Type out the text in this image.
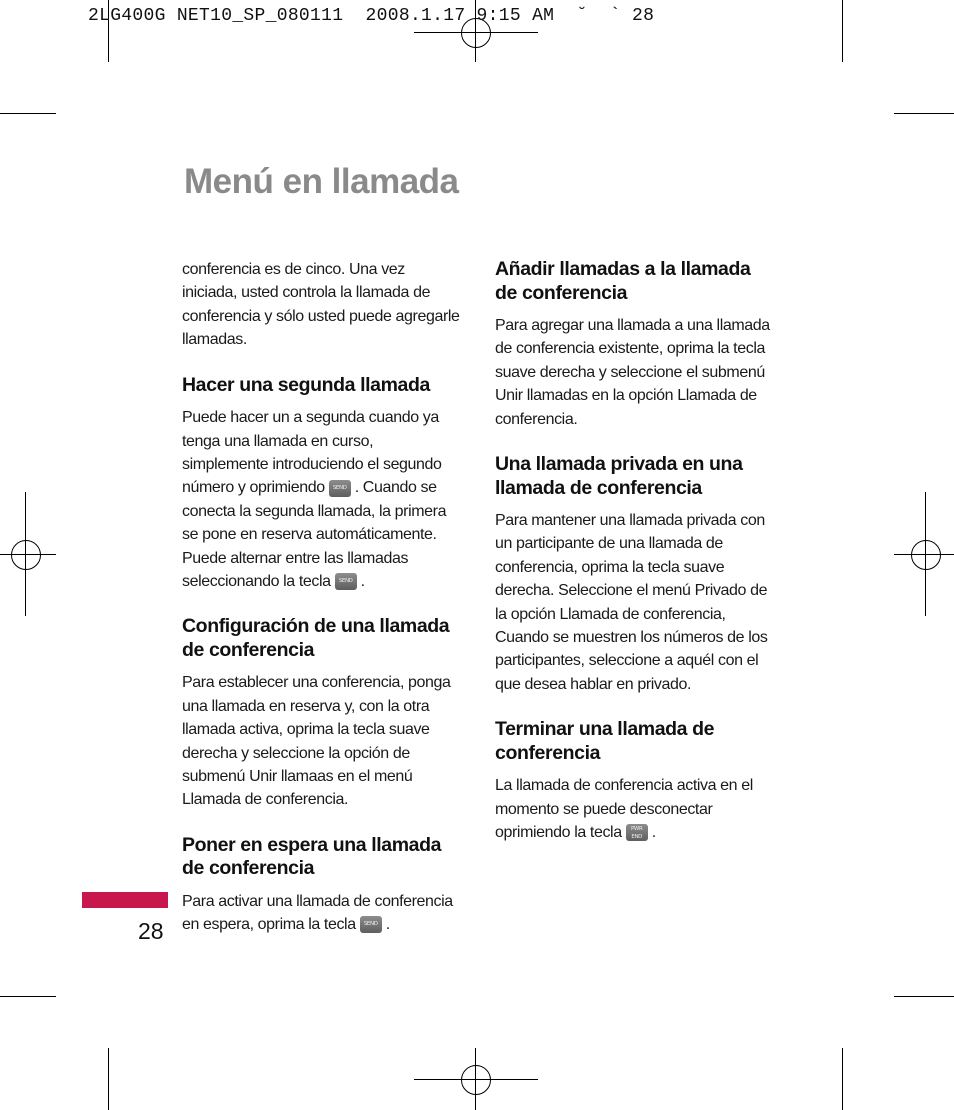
2LG400G NET10_SP_080111  2008.1.17 9:15 AM  ˘  ` 28
Menú en llamada

conferencia es de cinco. Una vez iniciada, usted controla la llamada de conferencia y sólo usted puede agregarle llamadas.

Hacer una segunda llamada

Puede hacer un a segunda cuando ya tenga una llamada en curso, simplemente introduciendo el segundo número y oprimiendo SEND . Cuando se conecta la segunda llamada, la primera se pone en reserva automáticamente. Puede alternar entre las llamadas seleccionando la tecla SEND .

Configuración de una llamada de conferencia

Para establecer una conferencia, ponga una llamada en reserva y, con la otra llamada activa, oprima la tecla suave derecha y seleccione la opción de submenú Unir llamaas en el menú Llamada de conferencia.

Poner en espera una llamada de conferencia

Para activar una llamada de conferencia en espera, oprima la tecla SEND .

Añadir llamadas a la llamada de conferencia

Para agregar una llamada a una llamada de conferencia existente, oprima la tecla suave derecha y seleccione el submenú Unir llamadas en la opción Llamada de conferencia.

Una llamada privada en una llamada de conferencia

Para mantener una llamada privada con un participante de una llamada de conferencia, oprima la tecla suave derecha. Seleccione el menú Privado de la opción Llamada de conferencia, Cuando se muestren los números de los participantes, seleccione a aquél con el que desea hablar en privado.

Terminar una llamada de conferencia

La llamada de conferencia activa en el momento se puede desconectar oprimiendo la tecla PWR
END .

28
